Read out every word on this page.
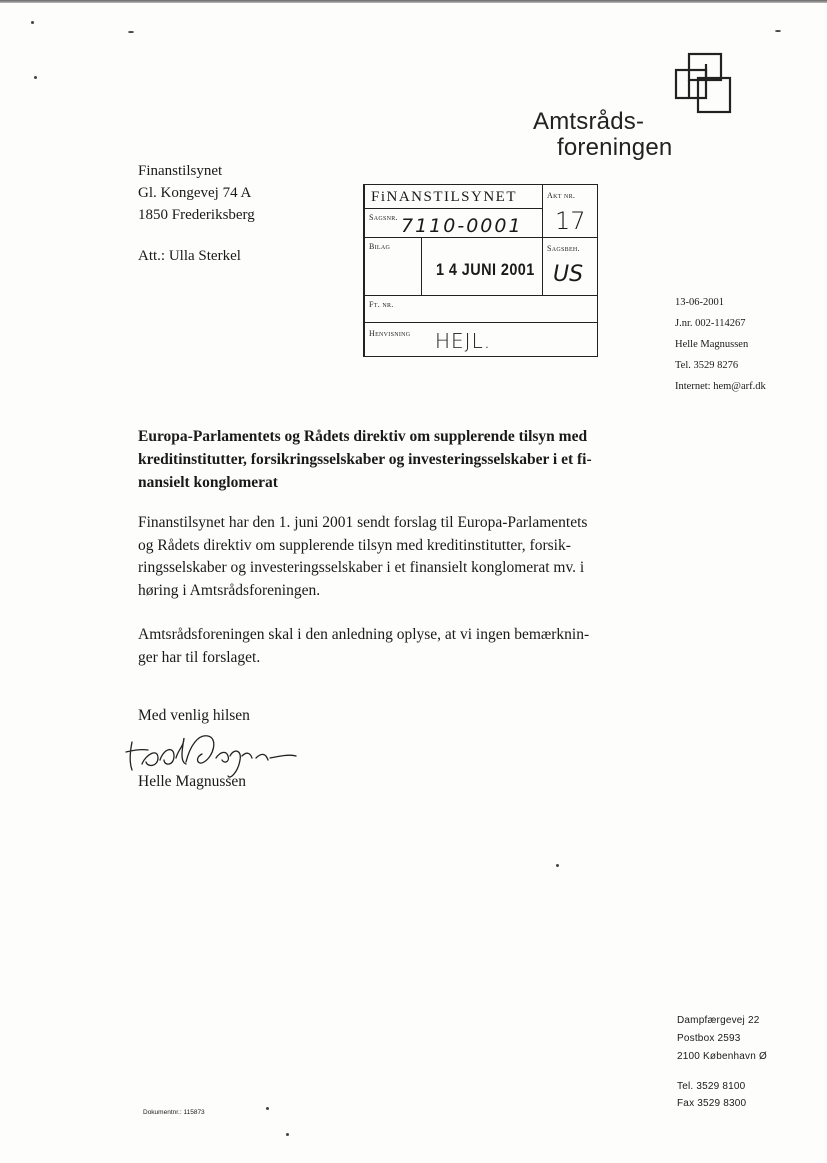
Amtsråds-
foreningen
Finanstilsynet
Gl. Kongevej 74 A
1850 Frederiksberg
Att.: Ulla Sterkel
FiNANSTILSYNET	Akt nr.
17
Sagsnr. 7110-0001
Bilag
1 4 JUNI 2001
Sagsbeh.
US
Ft. nr.
Henvisning HEJL.
13-06-2001
J.nr. 002-114267
Helle Magnussen
Tel. 3529 8276
Internet: hem@arf.dk
Europa-Parlamentets og Rådets direktiv om supplerende tilsyn med
kreditinstitutter, forsikringsselskaber og investeringsselskaber i et fi-
nansielt konglomerat
Finanstilsynet har den 1. juni 2001 sendt forslag til Europa-Parlamentets
og Rådets direktiv om supplerende tilsyn med kreditinstitutter, forsik-
ringsselskaber og investeringsselskaber i et finansielt konglomerat mv. i
høring i Amtsrådsforeningen.
Amtsrådsforeningen skal i den anledning oplyse, at vi ingen bemærknin-
ger har til forslaget.
Med venlig hilsen
Helle Magnussen
Dampfærgevej 22
Postbox 2593
2100 København Ø
Tel. 3529 8100
Fax 3529 8300
Dokumentnr.: 115873
